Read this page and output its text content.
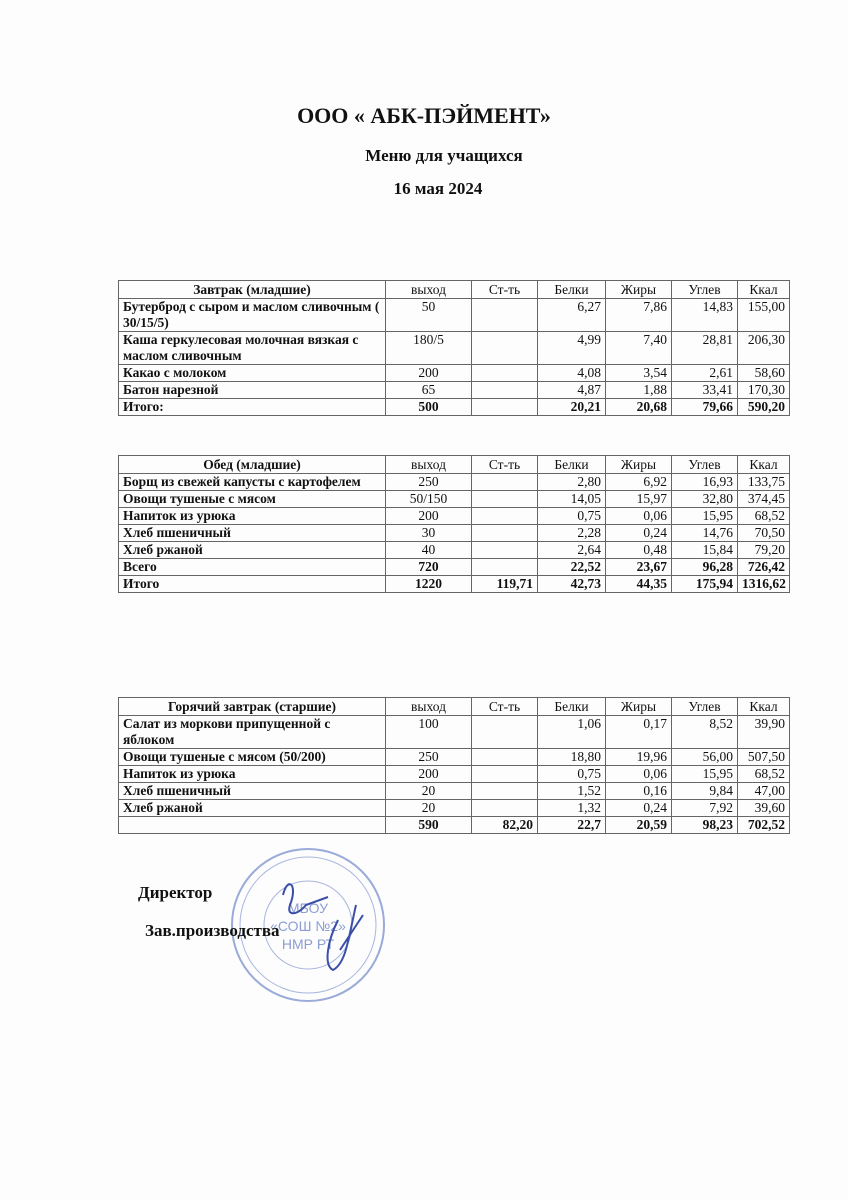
ООО « АБК-ПЭЙМЕНТ»
Меню для учащихся
16 мая 2024
Завтрак (младшие)	выход	Ст-ть	Белки	Жиры	Углев	Ккал
Бутерброд с сыром и маслом сливочным ( 30/15/5)	50		6,27	7,86	14,83	155,00
Каша геркулесовая молочная вязкая с маслом сливочным	180/5		4,99	7,40	28,81	206,30
Какао с молоком	200		4,08	3,54	2,61	58,60
Батон нарезной	65		4,87	1,88	33,41	170,30
Итого:	500		20,21	20,68	79,66	590,20
Обед (младшие)	выход	Ст-ть	Белки	Жиры	Углев	Ккал
Борщ из свежей капусты с картофелем	250		2,80	6,92	16,93	133,75
Овощи тушеные с мясом	50/150		14,05	15,97	32,80	374,45
Напиток из урюка	200		0,75	0,06	15,95	68,52
Хлеб пшеничный	30		2,28	0,24	14,76	70,50
Хлеб ржаной	40		2,64	0,48	15,84	79,20
Всего	720		22,52	23,67	96,28	726,42
Итого	1220	119,71	42,73	44,35	175,94	1316,62
Горячий завтрак (старшие)	выход	Ст-ть	Белки	Жиры	Углев	Ккал
Салат из моркови припущенной с яблоком	100		1,06	0,17	8,52	39,90
Овощи тушеные с мясом (50/200)	250		18,80	19,96	56,00	507,50
Напиток из урюка	200		0,75	0,06	15,95	68,52
Хлеб пшеничный	20		1,52	0,16	9,84	47,00
Хлеб ржаной	20		1,32	0,24	7,92	39,60
	590	82,20	22,7	20,59	98,23	702,52
МБОУ
«СОШ №2»
НМР РТ
Директор
Зав.производства
